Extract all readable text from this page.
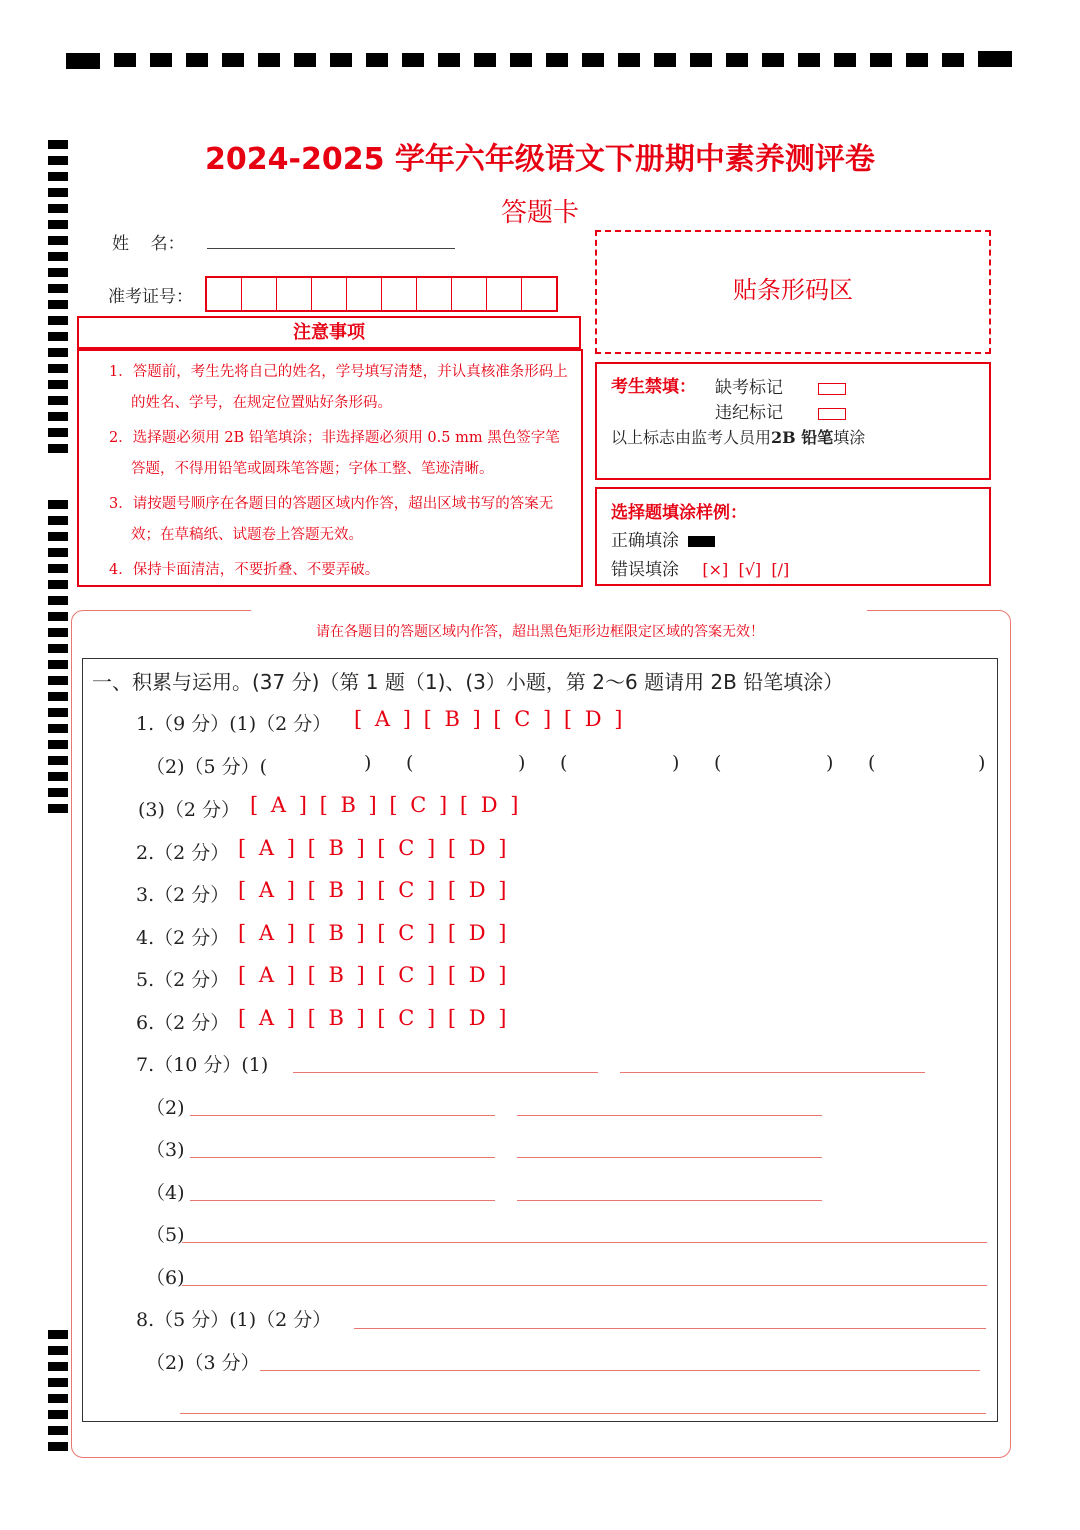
2024-2025 学年六年级语文下册期中素养测评卷
答题卡
姓    名：
准考证号：
注意事项

1．答题前，考生先将自己的姓名，学号填写清楚，并认真核准条形码上的姓名、学号，在规定位置贴好条形码。

2．选择题必须用 2B 铅笔填涂；非选择题必须用 0.5 mm 黑色签字笔答题，不得用铅笔或圆珠笔答题；字体工整、笔迹清晰。

3．请按题号顺序在各题目的答题区域内作答，超出区域书写的答案无效；在草稿纸、试题卷上答题无效。

4．保持卡面清洁，不要折叠、不要弄破。

贴条形码区
考生禁填： 缺考标记
违纪标记
以上标志由监考人员用2B 铅笔填涂
选择题填涂样例：
正确填涂
错误填涂 [×]  [√]  [/]
请在各题目的答题区域内作答，超出黑色矩形边框限定区域的答案无效！
一、积累与运用。(37 分)（第 1 题（1)、(3）小题，第 2～6 题请用 2B 铅笔填涂）
1.（9 分）(1)（2 分） [ A ] [ B ] [ C ] [ D ]
（2)（5 分）(	) (	) (	) (	) (	)
(3)（2 分） [ A ] [ B ] [ C ] [ D ]
2.（2 分） [ A ] [ B ] [ C ] [ D ]
3.（2 分） [ A ] [ B ] [ C ] [ D ]
4.（2 分） [ A ] [ B ] [ C ] [ D ]
5.（2 分） [ A ] [ B ] [ C ] [ D ]
6.（2 分） [ A ] [ B ] [ C ] [ D ]
7.（10 分）(1)
（2)
（3)
（4)
（5)
（6)
8.（5 分）(1)（2 分）
（2)（3 分）
